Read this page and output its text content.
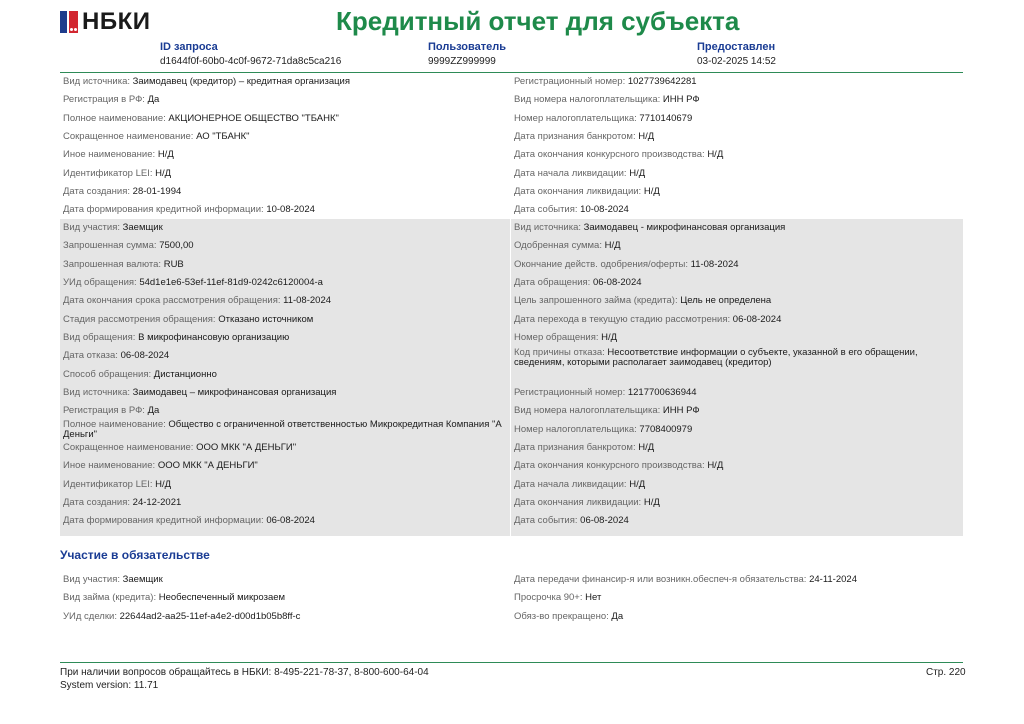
НБКИ	Кредитный отчет для субъекта
ID запроса
d1644f0f-60b0-4c0f-9672-71da8c5ca216
Пользователь
9999ZZ999999
Предоставлен
03-02-2025 14:52
Вид источника: Заимодавец (кредитор) – кредитная организация
Регистрация в РФ: Да
Полное наименование: АКЦИОНЕРНОЕ ОБЩЕСТВО "ТБАНК"
Сокращенное наименование: АО "ТБАНК"
Иное наименование: Н/Д
Идентификатор LEI: Н/Д
Дата создания: 28-01-1994
Дата формирования кредитной информации: 10-08-2024
Регистрационный номер: 1027739642281
Вид номера налогоплательщика: ИНН РФ
Номер налогоплательщика: 7710140679
Дата признания банкротом: Н/Д
Дата окончания конкурсного производства: Н/Д
Дата начала ликвидации: Н/Д
Дата окончания ликвидации: Н/Д
Дата события: 10-08-2024
Вид участия: Заемщик
Запрошенная сумма: 7500,00
Запрошенная валюта: RUB
УИд обращения: 54d1e1e6-53ef-11ef-81d9-0242c6120004-a
Дата окончания срока рассмотрения обращения: 11-08-2024
Стадия рассмотрения обращения: Отказано источником
Вид обращения: В микрофинансовую организацию
Дата отказа: 06-08-2024
Способ обращения: Дистанционно
Вид источника: Заимодавец - микрофинансовая организация
Одобренная сумма: Н/Д
Окончание действ. одобрения/оферты: 11-08-2024
Дата обращения: 06-08-2024
Цель запрошенного займа (кредита): Цель не определена
Дата перехода в текущую стадию рассмотрения: 06-08-2024
Номер обращения: Н/Д
Код причины отказа: Несоответствие информации о субъекте, указанной в его обращении, сведениям, которыми располагает заимодавец (кредитор)
Вид источника: Заимодавец – микрофинансовая организация
Регистрация в РФ: Да
Полное наименование: Общество с ограниченной ответственностью Микрокредитная Компания "А Деньги"
Сокращенное наименование: ООО МКК "А ДЕНЬГИ"
Иное наименование: ООО МКК "А ДЕНЬГИ"
Идентификатор LEI: Н/Д
Дата создания: 24-12-2021
Дата формирования кредитной информации: 06-08-2024
Регистрационный номер: 1217700636944
Вид номера налогоплательщика: ИНН РФ
Номер налогоплательщика: 7708400979
Дата признания банкротом: Н/Д
Дата окончания конкурсного производства: Н/Д
Дата начала ликвидации: Н/Д
Дата окончания ликвидации: Н/Д
Дата события: 06-08-2024
Участие в обязательстве
Вид участия: Заемщик
Вид займа (кредита): Необеспеченный микрозаем
УИд сделки: 22644ad2-aa25-11ef-a4e2-d00d1b05b8ff-c
Дата передачи финансир-я или возникн.обеспеч-я обязательства: 24-11-2024
Просрочка 90+: Нет
Обяз-во прекращено: Да
При наличии вопросов обращайтесь в НБКИ: 8-495-221-78-37, 8-800-600-64-04
System version: 11.71
Стр. 220
